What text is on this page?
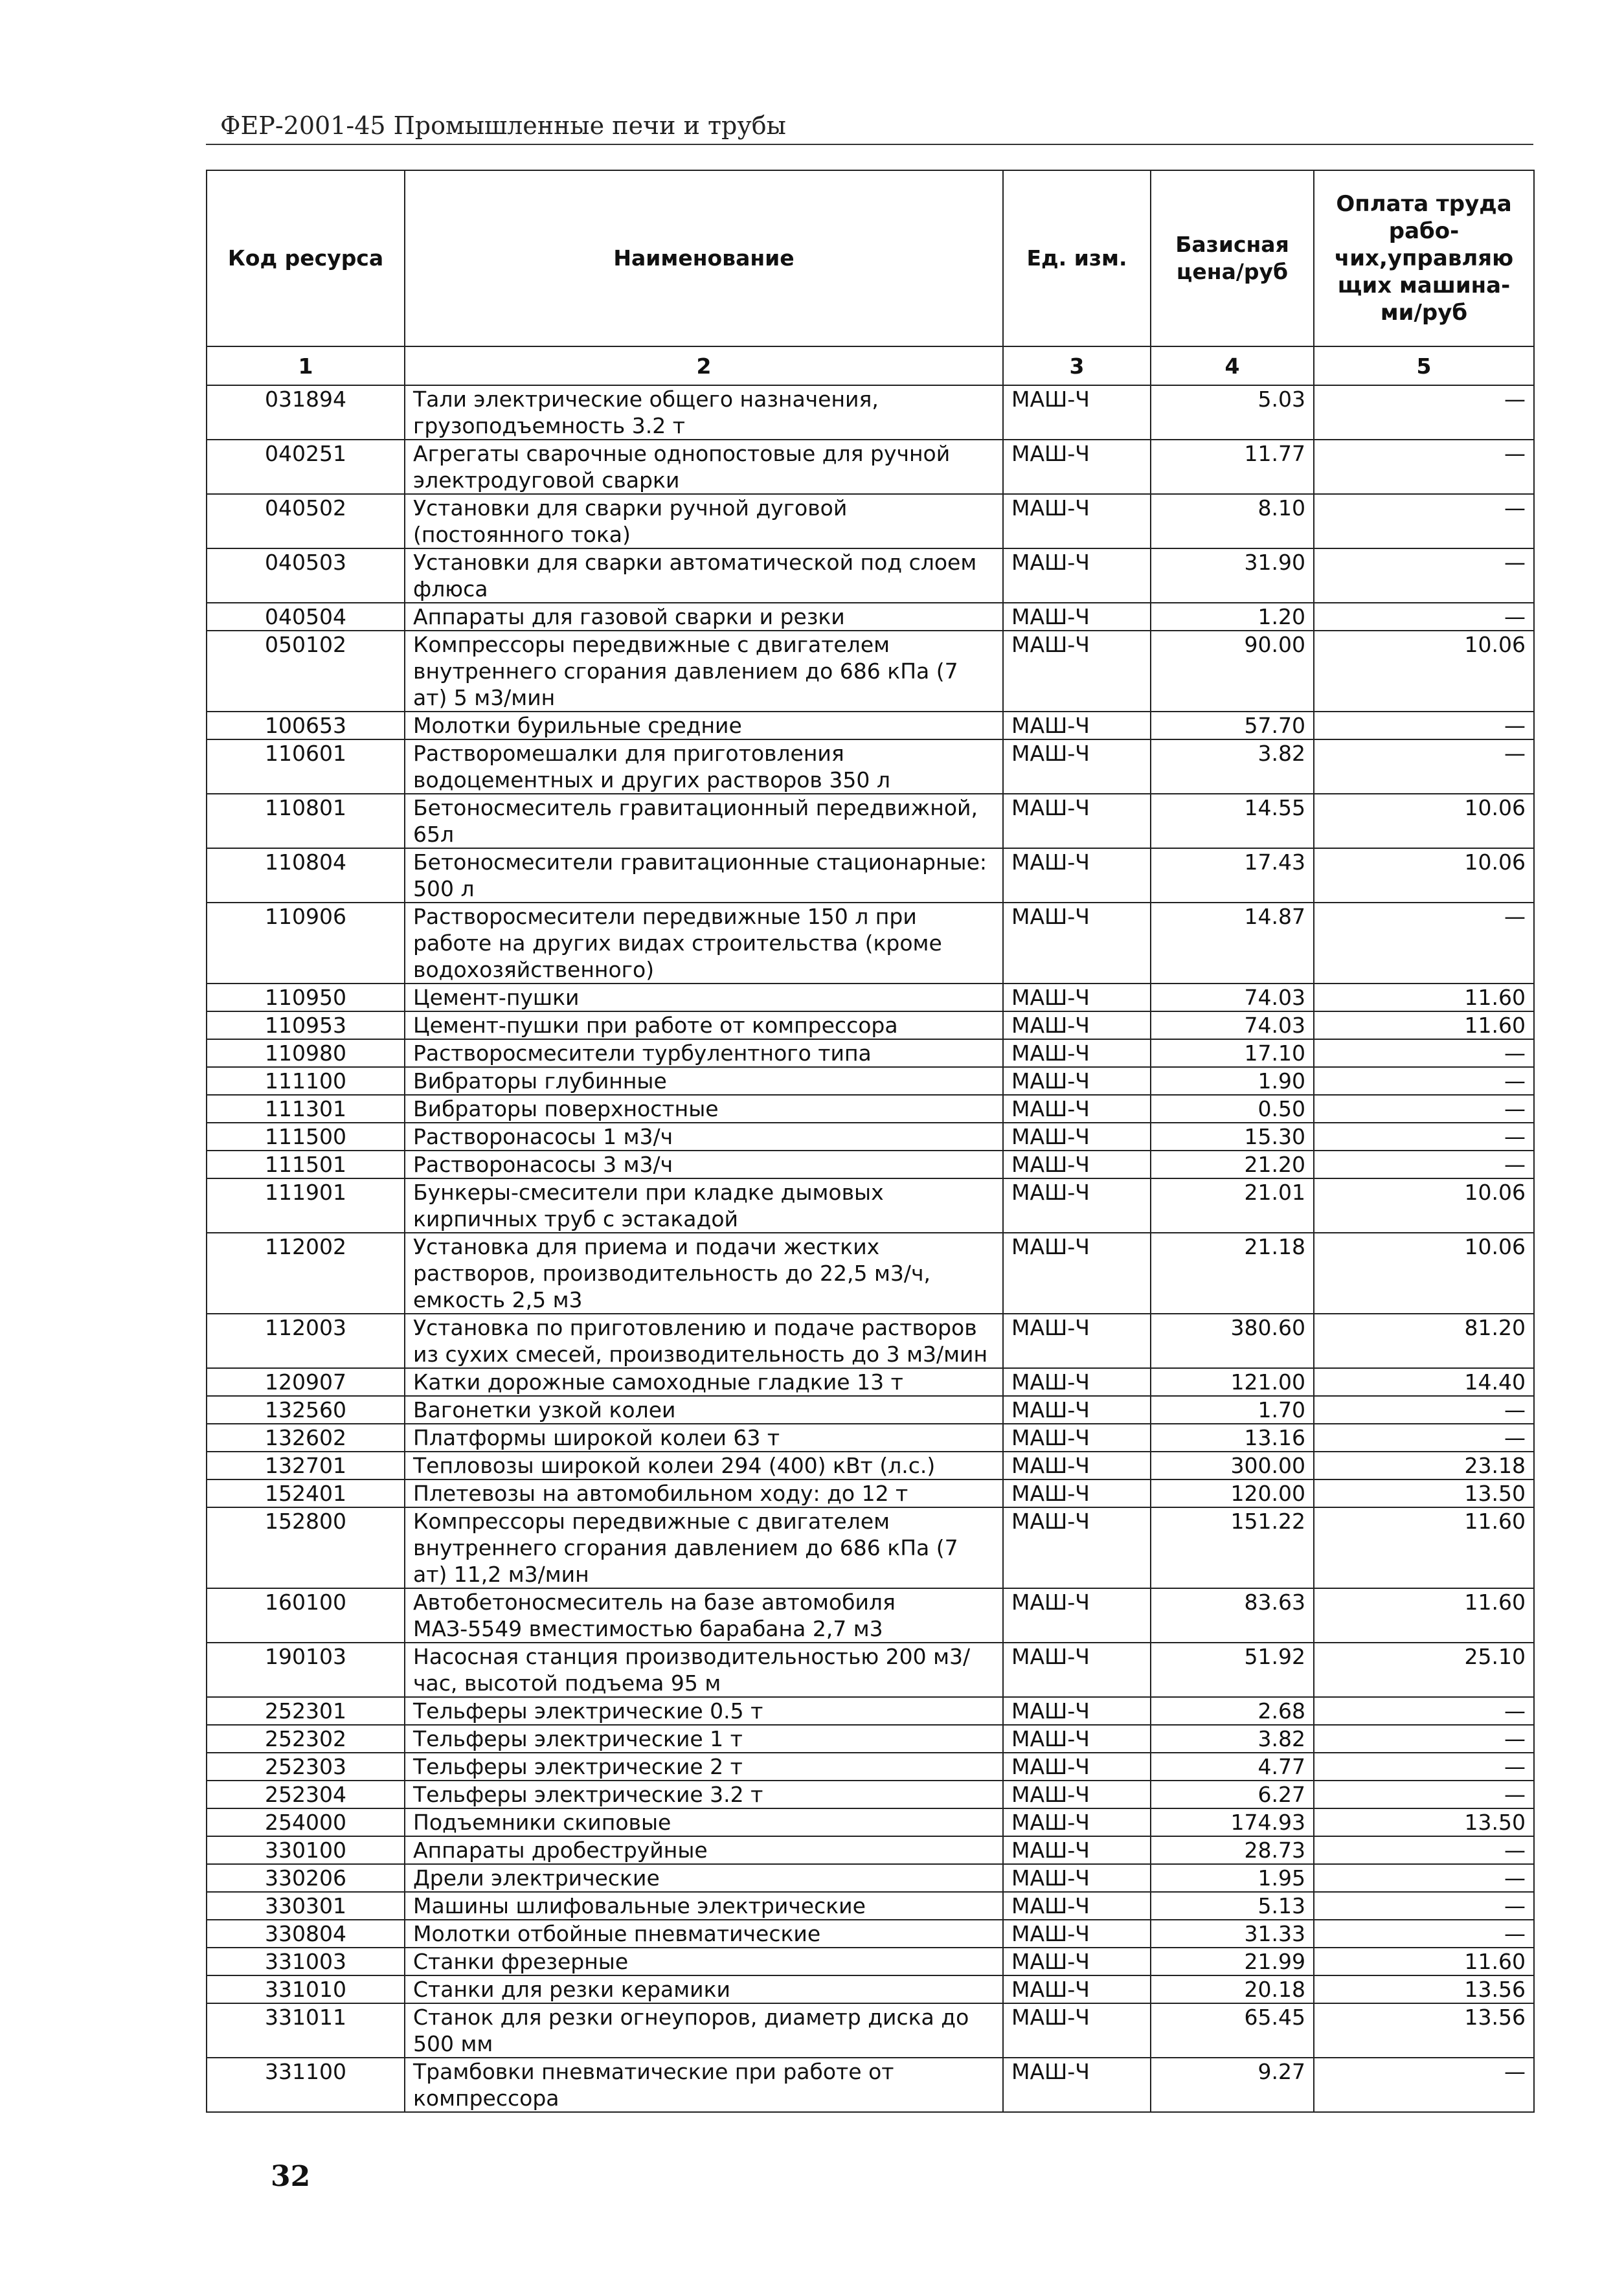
ФЕР-2001-45 Промышленные печи и трубы
Код ресурса	Наименование	Ед. изм.	Базисная цена/руб	Оплата труда рабо-чих,управляю щих машина-ми/руб
1	2	3	4	5
031894	Тали электрические общего назначения, грузоподъемность 3.2 т	МАШ-Ч	5.03	—
040251	Агрегаты сварочные однопостовые для ручной электродуговой сварки	МАШ-Ч	11.77	—
040502	Установки для сварки ручной дуговой (постоянного тока)	МАШ-Ч	8.10	—
040503	Установки для сварки автоматической под слоем флюса	МАШ-Ч	31.90	—
040504	Аппараты для газовой сварки и резки	МАШ-Ч	1.20	—
050102	Компрессоры передвижные с двигателем внутреннего сгорания давлением до 686 кПа (7 ат) 5 м3/мин	МАШ-Ч	90.00	10.06
100653	Молотки бурильные средние	МАШ-Ч	57.70	—
110601	Растворомешалки для приготовления водоцементных и других растворов 350 л	МАШ-Ч	3.82	—
110801	Бетоносмеситель гравитационный передвижной, 65л	МАШ-Ч	14.55	10.06
110804	Бетоносмесители гравитационные стационарные: 500 л	МАШ-Ч	17.43	10.06
110906	Растворосмесители передвижные 150 л при работе на других видах строительства (кроме водохозяйственного)	МАШ-Ч	14.87	—
110950	Цемент-пушки	МАШ-Ч	74.03	11.60
110953	Цемент-пушки при работе от компрессора	МАШ-Ч	74.03	11.60
110980	Растворосмесители турбулентного типа	МАШ-Ч	17.10	—
111100	Вибраторы глубинные	МАШ-Ч	1.90	—
111301	Вибраторы поверхностные	МАШ-Ч	0.50	—
111500	Растворонасосы 1 м3/ч	МАШ-Ч	15.30	—
111501	Растворонасосы 3 м3/ч	МАШ-Ч	21.20	—
111901	Бункеры-смесители при кладке дымовых кирпичных труб с эстакадой	МАШ-Ч	21.01	10.06
112002	Установка для приема и подачи жестких растворов, производительность до 22,5 м3/ч, емкость 2,5 м3	МАШ-Ч	21.18	10.06
112003	Установка по приготовлению и подаче растворов из сухих смесей, производительность до 3 м3/мин	МАШ-Ч	380.60	81.20
120907	Катки дорожные самоходные гладкие 13 т	МАШ-Ч	121.00	14.40
132560	Вагонетки узкой колеи	МАШ-Ч	1.70	—
132602	Платформы широкой колеи 63 т	МАШ-Ч	13.16	—
132701	Тепловозы широкой колеи 294 (400) кВт (л.с.)	МАШ-Ч	300.00	23.18
152401	Плетевозы на автомобильном ходу: до 12 т	МАШ-Ч	120.00	13.50
152800	Компрессоры передвижные с двигателем внутреннего сгорания давлением до 686 кПа (7 ат) 11,2 м3/мин	МАШ-Ч	151.22	11.60
160100	Автобетоносмеситель на базе автомобиля МАЗ-5549 вместимостью барабана 2,7 м3	МАШ-Ч	83.63	11.60
190103	Насосная станция производительностью 200 м3/час, высотой подъема 95 м	МАШ-Ч	51.92	25.10
252301	Тельферы электрические 0.5 т	МАШ-Ч	2.68	—
252302	Тельферы электрические 1 т	МАШ-Ч	3.82	—
252303	Тельферы электрические 2 т	МАШ-Ч	4.77	—
252304	Тельферы электрические 3.2 т	МАШ-Ч	6.27	—
254000	Подъемники скиповые	МАШ-Ч	174.93	13.50
330100	Аппараты дробеструйные	МАШ-Ч	28.73	—
330206	Дрели электрические	МАШ-Ч	1.95	—
330301	Машины шлифовальные электрические	МАШ-Ч	5.13	—
330804	Молотки отбойные пневматические	МАШ-Ч	31.33	—
331003	Станки фрезерные	МАШ-Ч	21.99	11.60
331010	Станки для резки керамики	МАШ-Ч	20.18	13.56
331011	Станок для резки огнеупоров, диаметр диска до 500 мм	МАШ-Ч	65.45	13.56
331100	Трамбовки пневматические при работе от компрессора	МАШ-Ч	9.27	—
32
